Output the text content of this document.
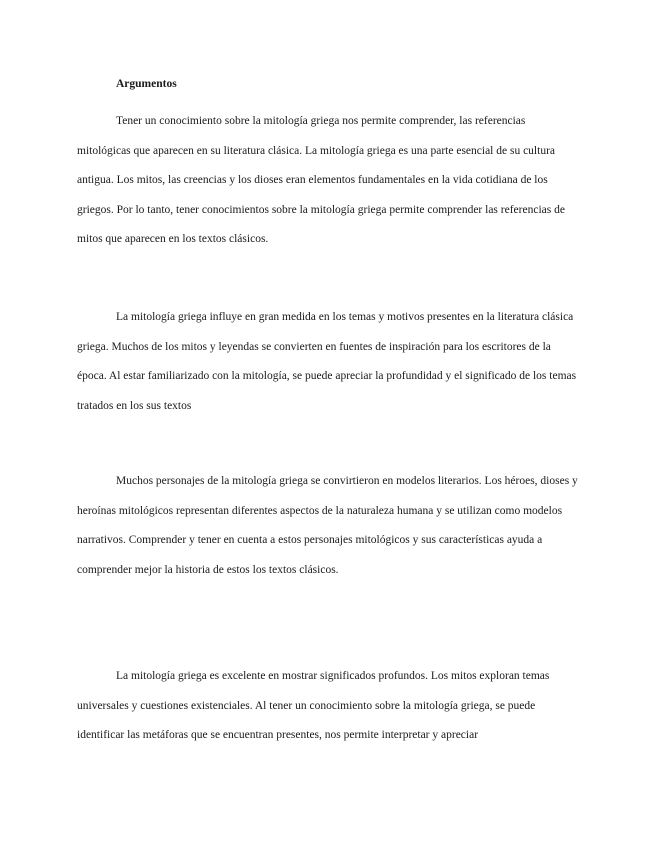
Argumentos

Tener un conocimiento sobre la mitología griega nos permite comprender, las referencias mitológicas que aparecen en su literatura clásica. La mitología griega es una parte esencial de su cultura antigua. Los mitos, las creencias y los dioses eran elementos fundamentales en la vida cotidiana de los griegos. Por lo tanto, tener conocimientos sobre la mitología griega permite comprender las referencias de mitos que aparecen en los textos clásicos.

La mitología griega influye en gran medida en los temas y motivos presentes en la literatura clásica griega. Muchos de los mitos y leyendas se convierten en fuentes de inspiración para los escritores de la época. Al estar familiarizado con la mitología, se puede apreciar la profundidad y el significado de los temas tratados en los sus textos

Muchos personajes de la mitología griega se convirtieron en modelos literarios. Los héroes, dioses y heroínas mitológicos representan diferentes aspectos de la naturaleza humana y se utilizan como modelos narrativos. Comprender y tener en cuenta a estos personajes mitológicos y sus características ayuda a comprender mejor la historia de estos los textos clásicos.

La mitología griega es excelente en mostrar significados profundos. Los mitos exploran temas universales y cuestiones existenciales. Al tener un conocimiento sobre la mitología griega, se puede identificar las metáforas que se encuentran presentes, nos permite interpretar y apreciar
